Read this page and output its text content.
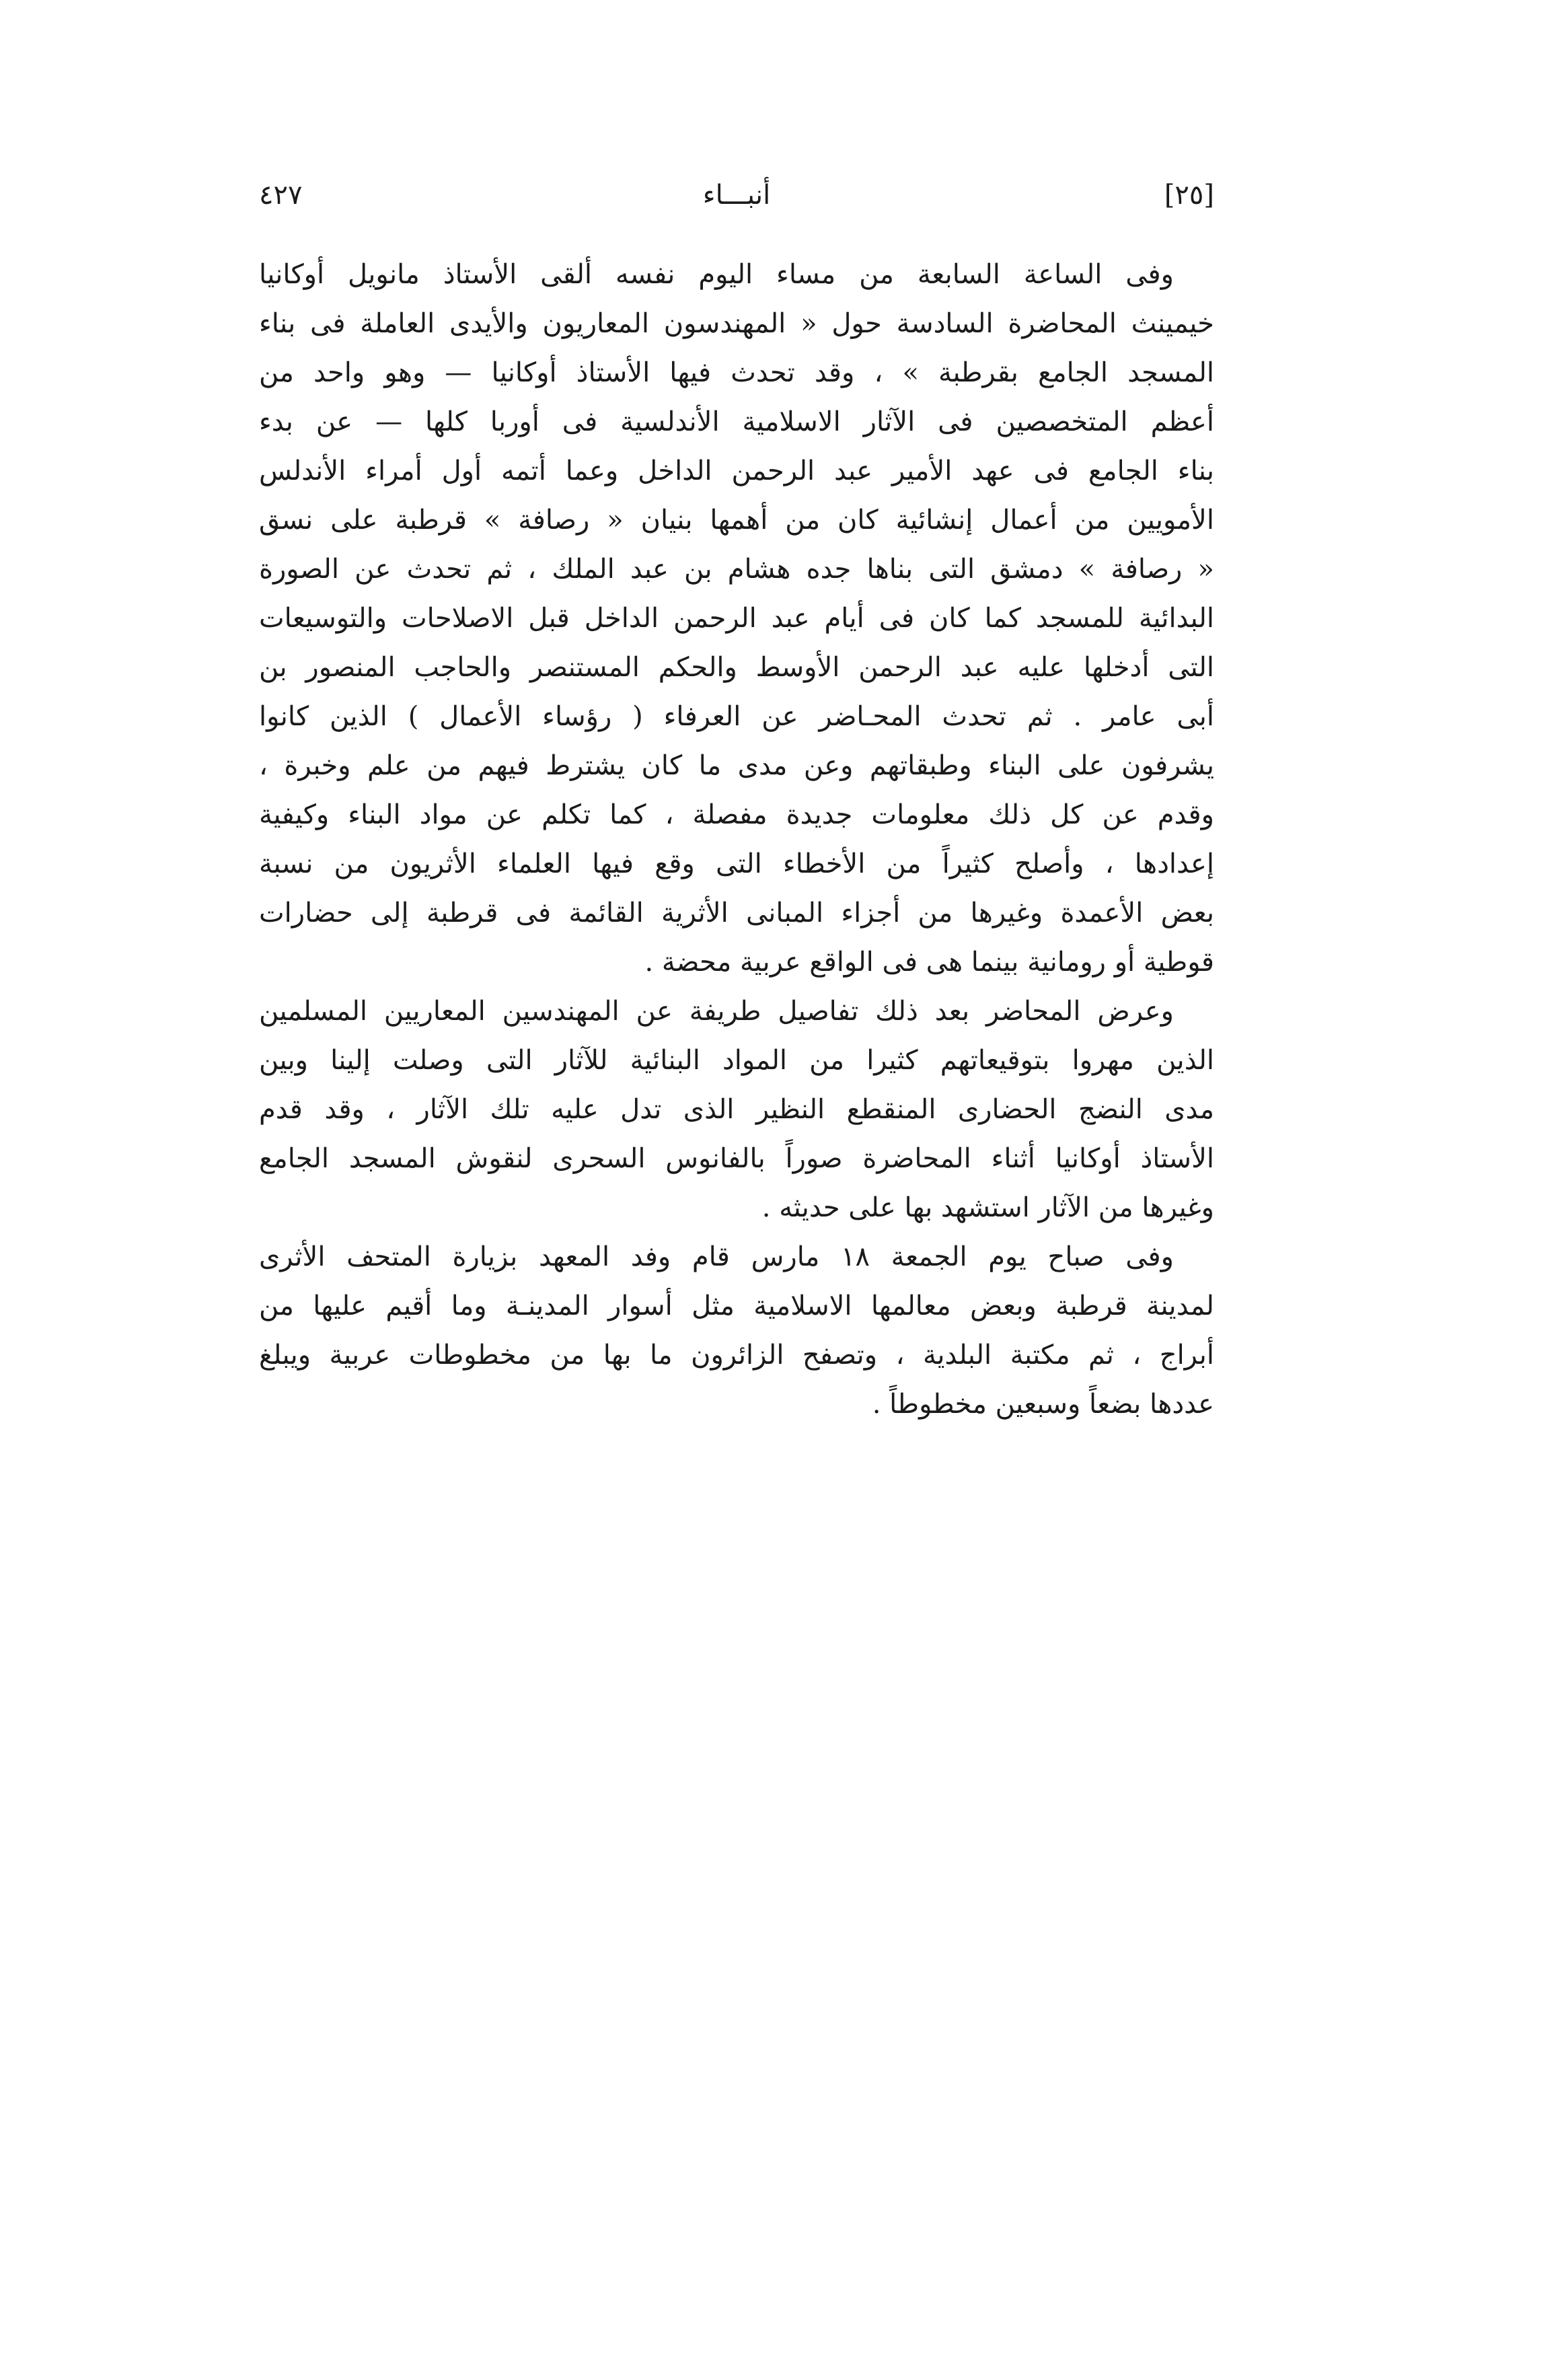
[٢٥]
أنبـــاء
٤٢٧
وفى الساعة السابعة من مساء اليوم نفسه ألقى الأستاذ مانويل أوكانيا
خيمينث المحاضرة السادسة حول « المهندسون المعاريون والأيدى العاملة فى بناء
المسجد الجامع بقرطبة » ، وقد تحدث فيها الأستاذ أوكانيا — وهو واحد من
أعظم المتخصصين فى الآثار الاسلامية الأندلسية فى أوربا كلها — عن بدء
بناء الجامع فى عهد الأمير عبد الرحمن الداخل وعما أتمه أول أمراء الأندلس
الأمويين من أعمال إنشائية كان من أهمها بنيان « رصافة » قرطبة على نسق
« رصافة » دمشق التى بناها جده هشام بن عبد الملك ، ثم تحدث عن الصورة
البدائية للمسجد كما كان فى أيام عبد الرحمن الداخل قبل الاصلاحات والتوسيعات
التى أدخلها عليه عبد الرحمن الأوسط والحكم المستنصر والحاجب المنصور بن
أبى عامر . ثم تحدث المحـاضر عن العرفاء ( رؤساء الأعمال ) الذين كانوا
يشرفون على البناء وطبقاتهم وعن مدى ما كان يشترط فيهم من علم وخبرة ،
وقدم عن كل ذلك معلومات جديدة مفصلة ، كما تكلم عن مواد البناء وكيفية
إعدادها ، وأصلح كثيراً من الأخطاء التى وقع فيها العلماء الأثريون من نسبة
بعض الأعمدة وغيرها من أجزاء المبانى الأثرية القائمة فى قرطبة إلى حضارات
قوطية أو رومانية بينما هى فى الواقع عربية محضة .
وعرض المحاضر بعد ذلك تفاصيل طريفة عن المهندسين المعاريين المسلمين
الذين مهروا بتوقيعاتهم كثيرا من المواد البنائية للآثار التى وصلت إلينا وبين
مدى النضج الحضارى المنقطع النظير الذى تدل عليه تلك الآثار ، وقد قدم
الأستاذ أوكانيا أثناء المحاضرة صوراً بالفانوس السحرى لنقوش المسجد الجامع
وغيرها من الآثار استشهد بها على حديثه .
وفى صباح يوم الجمعة ١٨ مارس قام وفد المعهد بزيارة المتحف الأثرى
لمدينة قرطبة وبعض معالمها الاسلامية مثل أسوار المدينـة وما أقيم عليها من
أبراج ، ثم مكتبة البلدية ، وتصفح الزائرون ما بها من مخطوطات عربية ويبلغ
عددها بضعاً وسبعين مخطوطاً .
